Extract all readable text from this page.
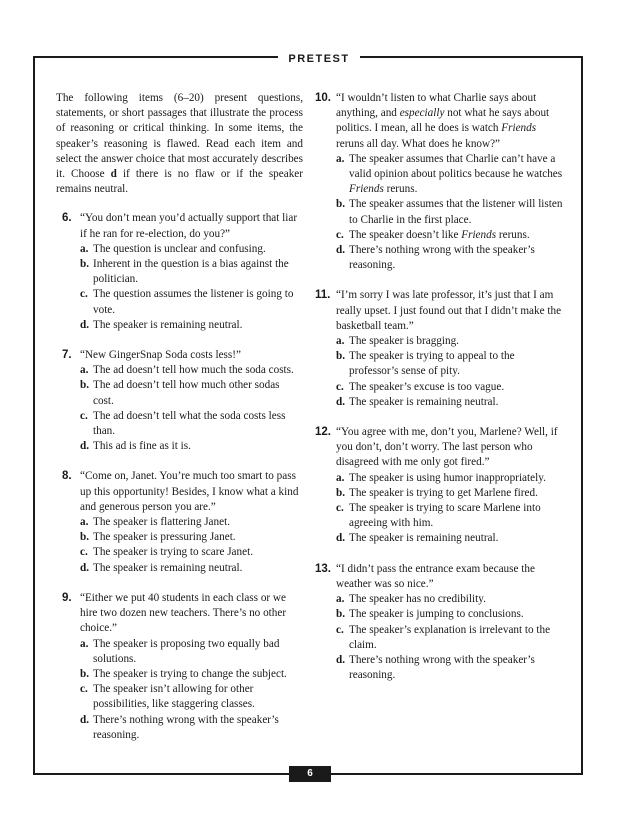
PRETEST

The following items (6–20) present questions, statements, or short passages that illustrate the process of reasoning or critical thinking. In some items, the speaker’s reasoning is flawed. Read each item and select the answer choice that most accurately describes it. Choose d if there is no flaw or if the speaker remains neutral.

6. “You don’t mean you’d actually support that liar if he ran for re-election, do you?”

a. The question is unclear and confusing.
b. Inherent in the question is a bias against the politician.
c. The question assumes the listener is going to vote.
d. The speaker is remaining neutral.
7. “New GingerSnap Soda costs less!”

a. The ad doesn’t tell how much the soda costs.
b. The ad doesn’t tell how much other sodas cost.
c. The ad doesn’t tell what the soda costs less than.
d. This ad is fine as it is.
8. “Come on, Janet. You’re much too smart to pass up this opportunity! Besides, I know what a kind and generous person you are.”

a. The speaker is flattering Janet.
b. The speaker is pressuring Janet.
c. The speaker is trying to scare Janet.
d. The speaker is remaining neutral.
9. “Either we put 40 students in each class or we hire two dozen new teachers. There’s no other choice.”

a. The speaker is proposing two equally bad solutions.
b. The speaker is trying to change the subject.
c. The speaker isn’t allowing for other possibilities, like staggering classes.
d. There’s nothing wrong with the speaker’s reasoning.
10. “I wouldn’t listen to what Charlie says about anything, and especially not what he says about politics. I mean, all he does is watch Friends reruns all day. What does he know?”

a. The speaker assumes that Charlie can’t have a valid opinion about politics because he watches Friends reruns.
b. The speaker assumes that the listener will listen to Charlie in the first place.
c. The speaker doesn’t like Friends reruns.
d. There’s nothing wrong with the speaker’s reasoning.
11. “I’m sorry I was late professor, it’s just that I am really upset. I just found out that I didn’t make the basketball team.”

a. The speaker is bragging.
b. The speaker is trying to appeal to the professor’s sense of pity.
c. The speaker’s excuse is too vague.
d. The speaker is remaining neutral.
12. “You agree with me, don’t you, Marlene? Well, if you don’t, don’t worry. The last person who disagreed with me only got fired.”

a. The speaker is using humor inappropriately.
b. The speaker is trying to get Marlene fired.
c. The speaker is trying to scare Marlene into agreeing with him.
d. The speaker is remaining neutral.
13. “I didn’t pass the entrance exam because the weather was so nice.”

a. The speaker has no credibility.
b. The speaker is jumping to conclusions.
c. The speaker’s explanation is irrelevant to the claim.
d. There’s nothing wrong with the speaker’s reasoning.
6
